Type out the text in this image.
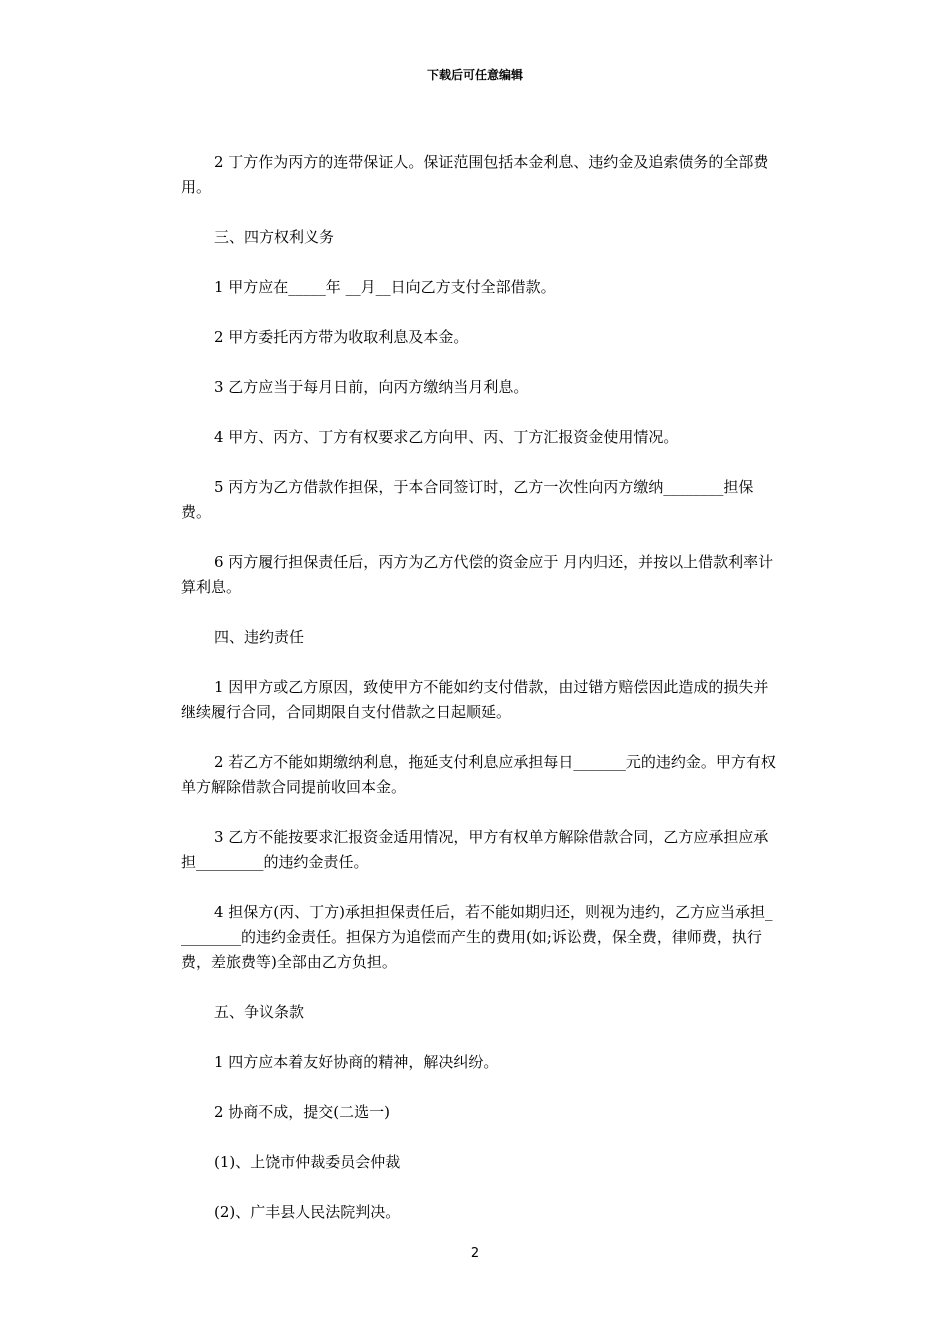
下载后可任意编辑

2 丁方作为丙方的连带保证人。保证范围包括本金利息、违约金及追索债务的全部费用。

三、四方权利义务

1 甲方应在_____年 __月__日向乙方支付全部借款。

2 甲方委托丙方带为收取利息及本金。

3 乙方应当于每月日前，向丙方缴纳当月利息。

4 甲方、丙方、丁方有权要求乙方向甲、丙、丁方汇报资金使用情况。

5 丙方为乙方借款作担保，于本合同签订时，乙方一次性向丙方缴纳________担保费。

6 丙方履行担保责任后，丙方为乙方代偿的资金应于 月内归还，并按以上借款利率计算利息。

四、违约责任

1 因甲方或乙方原因，致使甲方不能如约支付借款，由过错方赔偿因此造成的损失并继续履行合同，合同期限自支付借款之日起顺延。

2 若乙方不能如期缴纳利息，拖延支付利息应承担每日_______元的违约金。甲方有权单方解除借款合同提前收回本金。

3 乙方不能按要求汇报资金适用情况，甲方有权单方解除借款合同，乙方应承担应承担_________的违约金责任。

4 担保方(丙、丁方)承担担保责任后，若不能如期归还，则视为违约，乙方应当承担_________的违约金责任。担保方为追偿而产生的费用(如;诉讼费，保全费，律师费，执行费，差旅费等)全部由乙方负担。

五、争议条款

1 四方应本着友好协商的精神，解决纠纷。

2 协商不成，提交(二选一)

(1)、上饶市仲裁委员会仲裁

(2)、广丰县人民法院判决。

2
